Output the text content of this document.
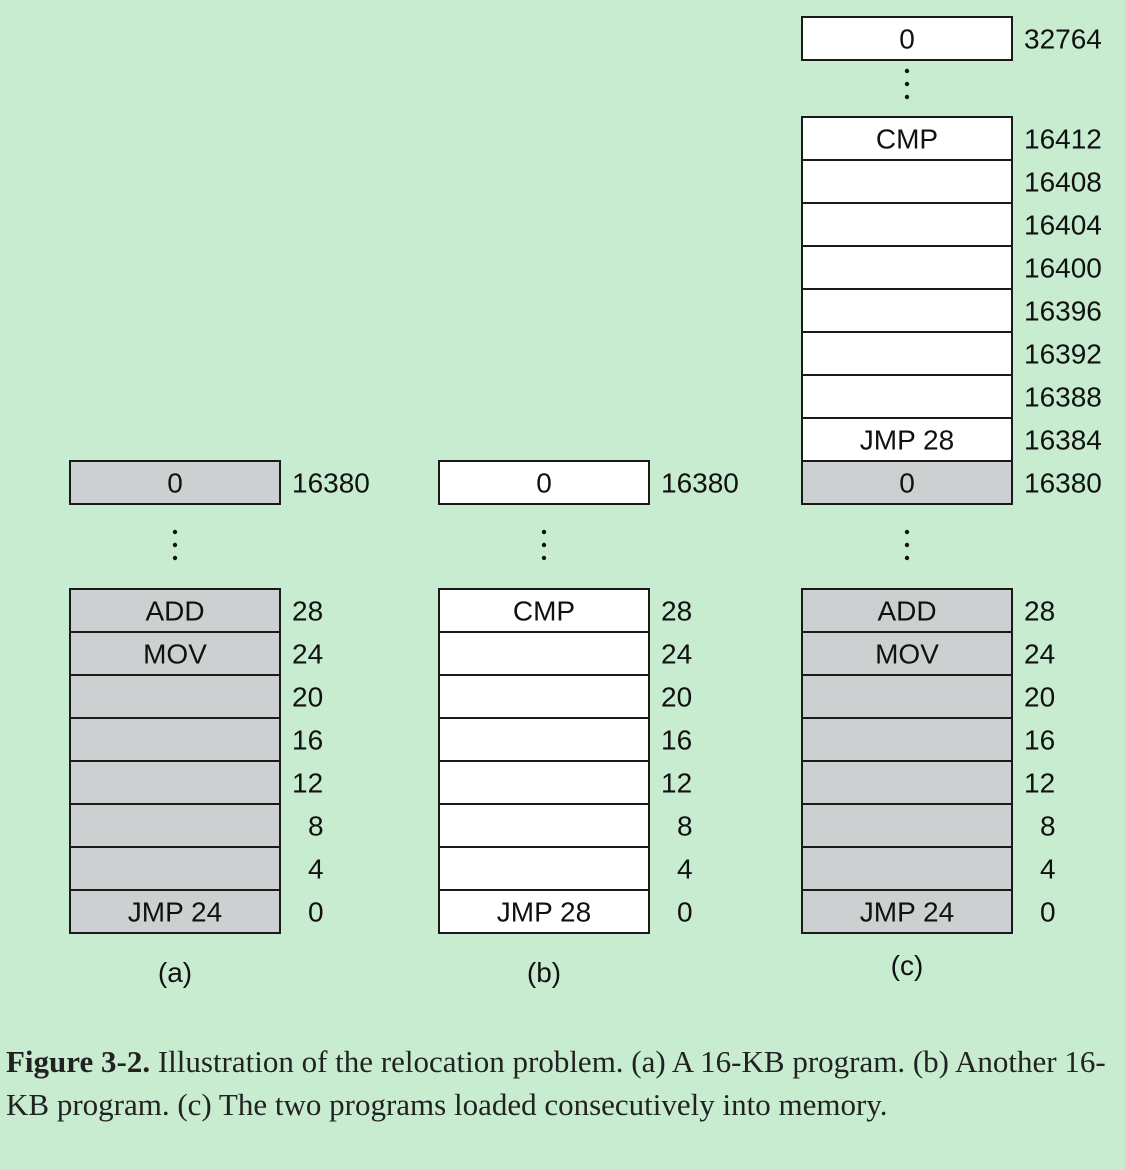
0	16380
ADD	28
MOV	24
20
16
12
8
4
JMP 24	0
(a)
0	16380
CMP	28
24
20
16
12
8
4
JMP 28	0
(b)
0	32764
CMP	16412
16408
16404
16400
16396
16392
16388
JMP 28 16384
0	16380
ADD	28
MOV	24
20
16
12
8
4
JMP 24	0
(c)
Figure 3-2. Illustration of the relocation problem. (a) A 16-KB program. (b) Another 16-KB program. (c) The two programs loaded consecutively into memory.
